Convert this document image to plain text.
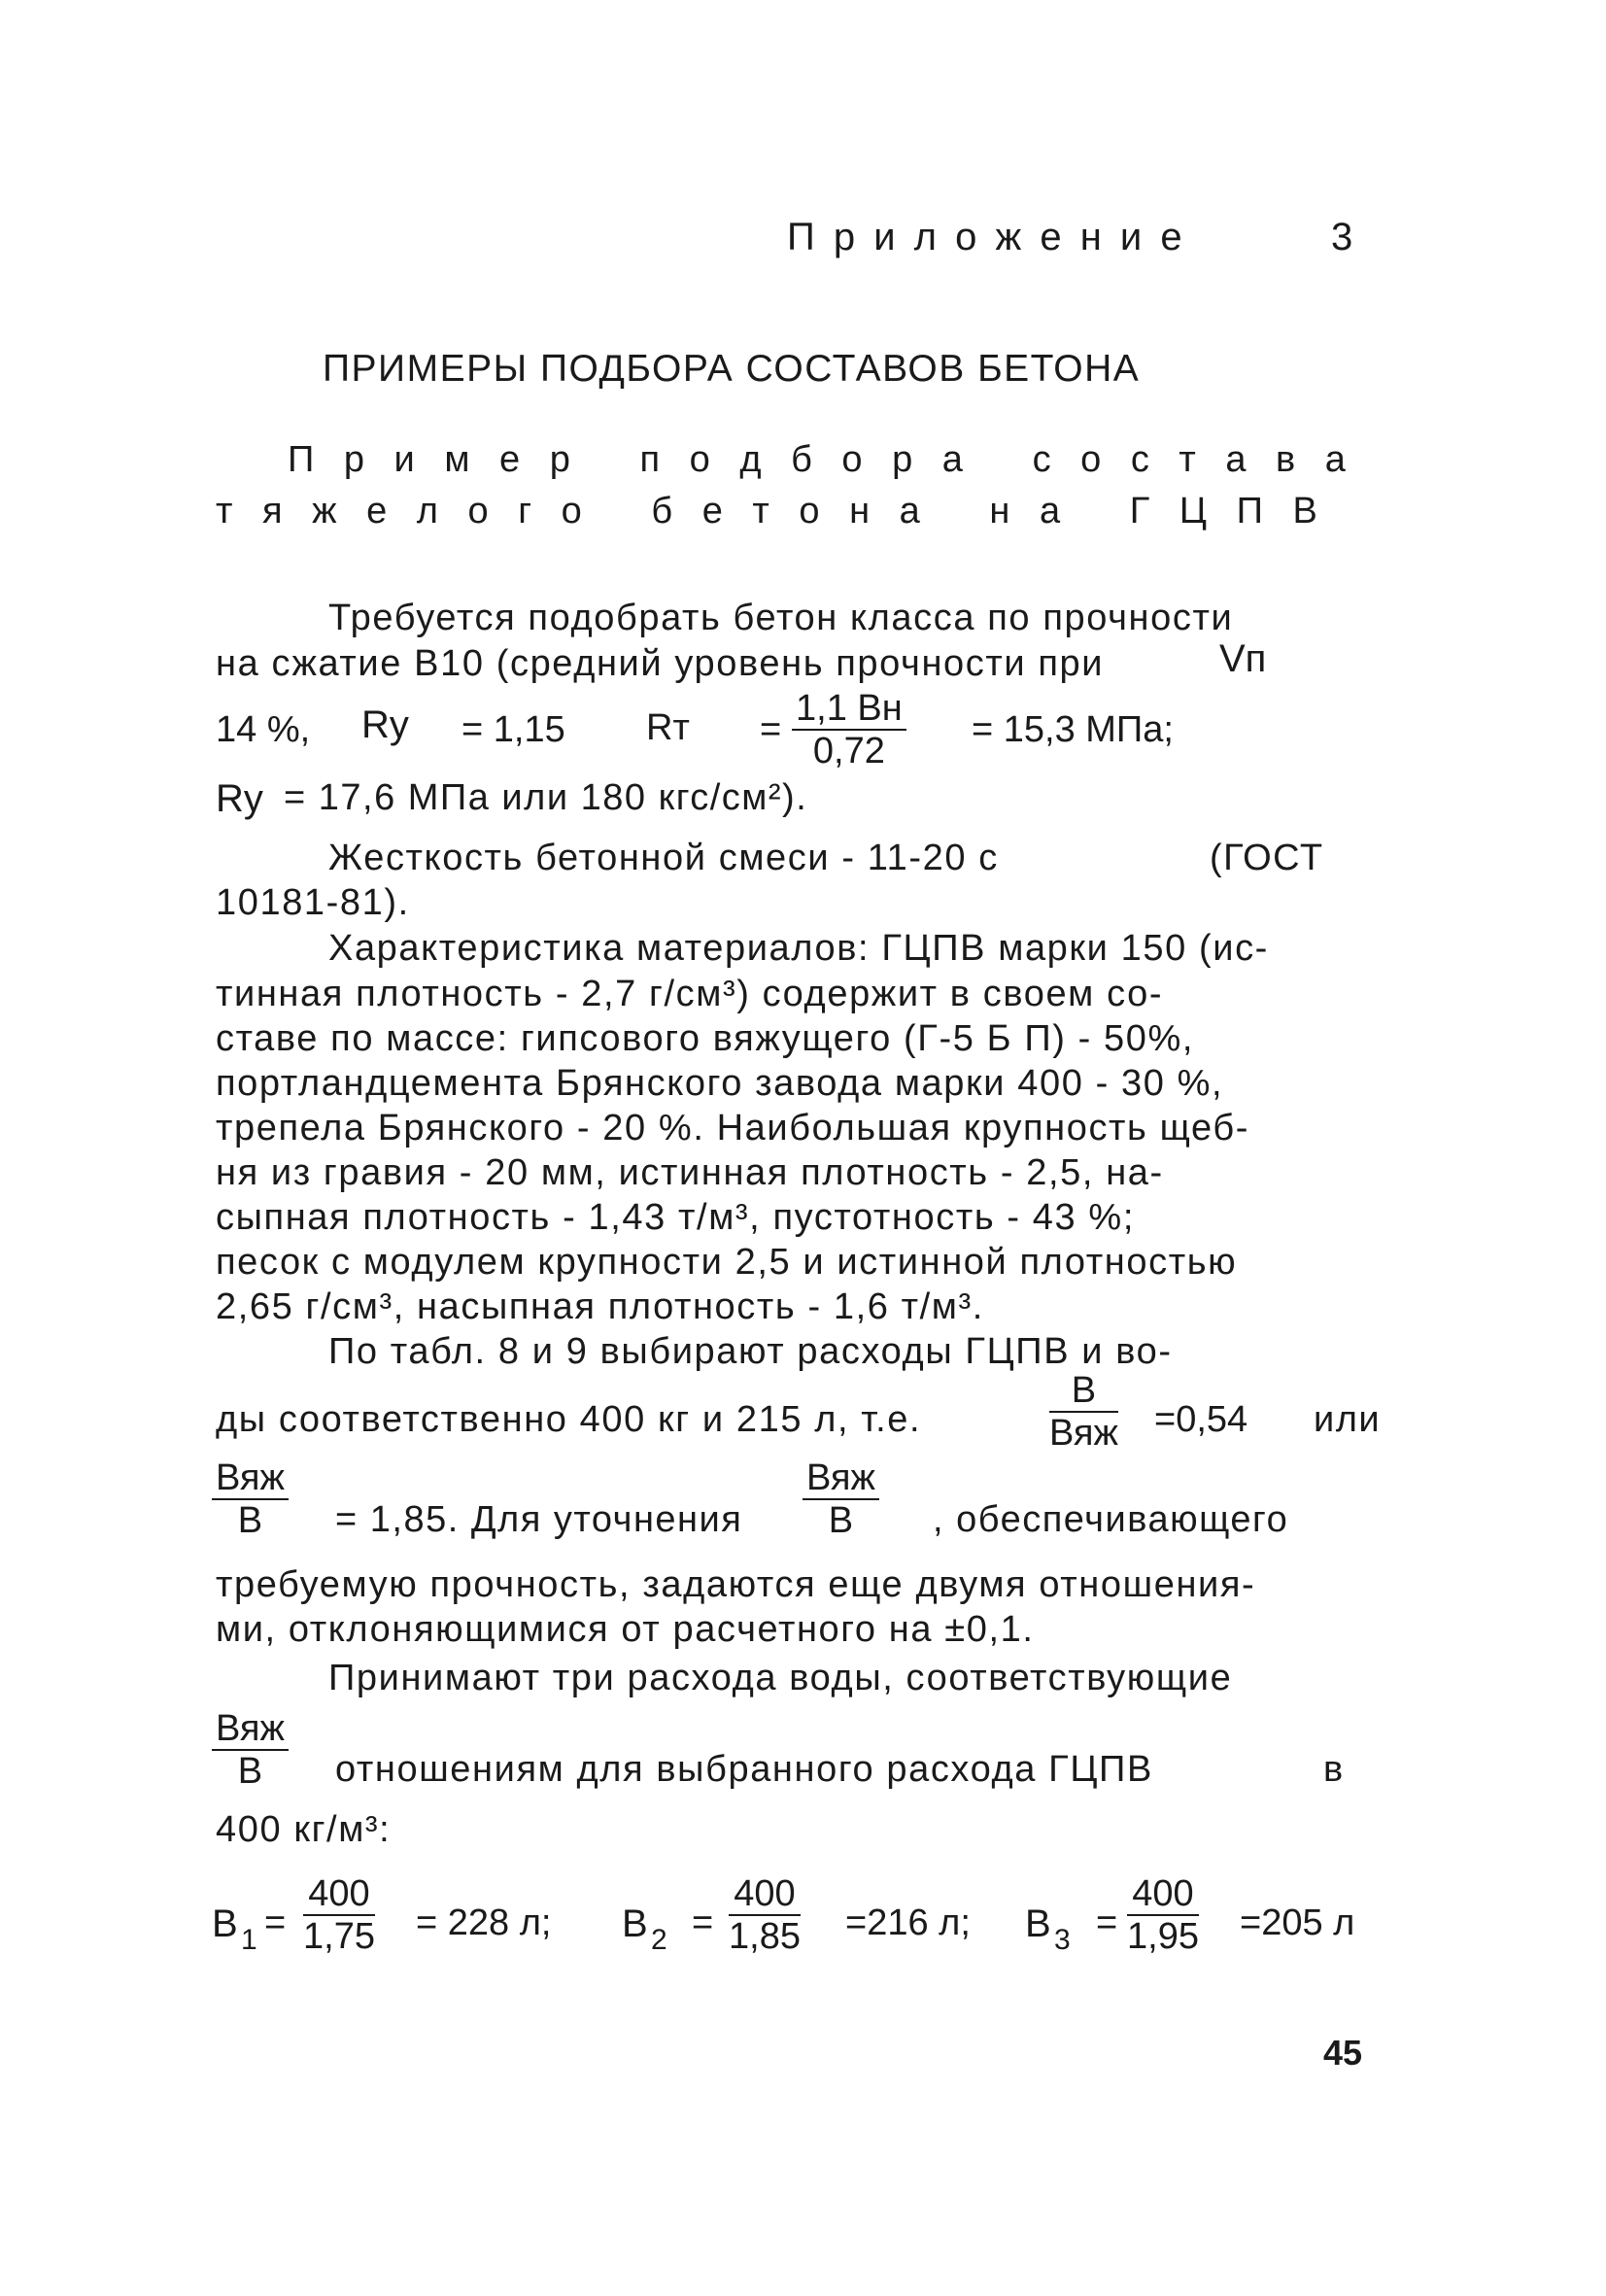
П р и л о ж е н и е	3
ПРИМЕРЫ ПОДБОРА СОСТАВОВ БЕТОНА
П р и м е р   п о д б о р а   с о с т а в а
т я ж е л о г о   б е т о н а   н а   Г Ц П В
Требуется подобрать бетон класса по прочности
на сжатие В10 (средний уровень прочности при	Vп
14 %, Ry = 1,15 Rт =
1,1 Вн
0,72
= 15,3 МПа;
Ry = 17,6 МПа или 180 кгс/см²).
Жесткость бетонной смеси - 11-20 с	(ГОСТ
10181-81).
Характеристика материалов: ГЦПВ марки 150 (ис-
тинная плотность - 2,7 г/см³) содержит в своем со-
ставе по массе: гипсового вяжущего (Г-5 Б П) - 50%,
портландцемента Брянского завода марки 400 - 30 %,
трепела Брянского - 20 %. Наибольшая крупность щеб-
ня из гравия - 20 мм, истинная плотность - 2,5, на-
сыпная плотность - 1,43 т/м³, пустотность - 43 %;
песок с модулем крупности 2,5 и истинной плотностью
2,65 г/см³, насыпная плотность - 1,6 т/м³.
По табл. 8 и 9 выбирают расходы ГЦПВ и во-
ды соответственно 400 кг и 215 л, т.е.
В
Вяж =0,54 или
Вяж
В	= 1,85. Для уточнения
Вяж
В	, обеспечивающего
требуемую прочность, задаются еще двумя отношения-
ми, отклоняющимися от расчетного на ±0,1.
Принимают три расхода воды, соответствующие
Вяж
В	отношениям для выбранного расхода ГЦПВ	в
400 кг/м³:
В $1 = \frac{400}{1,75} = 228$ л; В $2 = \frac{400}{1,85} =216$ л; В $3 = \frac{400}{1,95} =205$ л
45
